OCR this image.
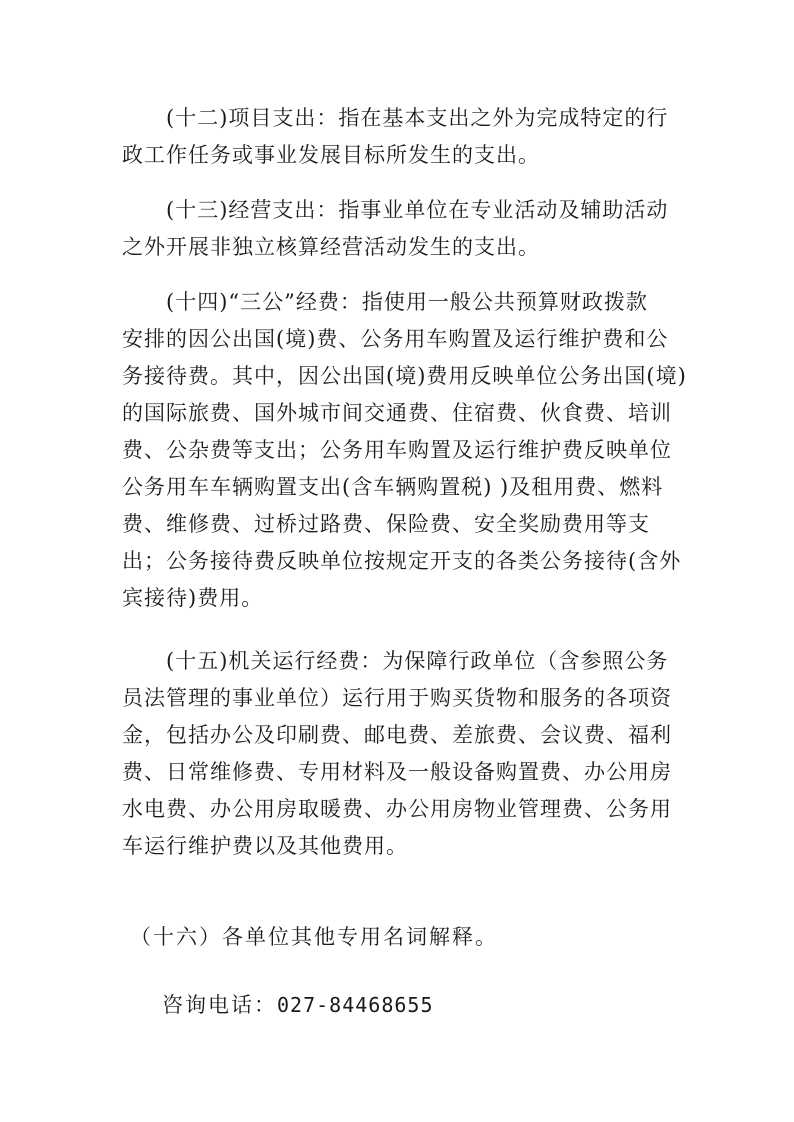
(十二)项目支出：指在基本支出之外为完成特定的行
政工作任务或事业发展目标所发生的支出。
(十三)经营支出：指事业单位在专业活动及辅助活动
之外开展非独立核算经营活动发生的支出。
(十四)“三公”经费：指使用一般公共预算财政拨款
安排的因公出国(境)费、公务用车购置及运行维护费和公
务接待费。其中，因公出国(境)费用反映单位公务出国(境)
的国际旅费、国外城市间交通费、住宿费、伙食费、培训
费、公杂费等支出；公务用车购置及运行维护费反映单位
公务用车车辆购置支出(含车辆购置税) )及租用费、燃料
费、维修费、过桥过路费、保险费、安全奖励费用等支
出；公务接待费反映单位按规定开支的各类公务接待(含外
宾接待)费用。
(十五)机关运行经费：为保障行政单位（含参照公务
员法管理的事业单位）运行用于购买货物和服务的各项资
金，包括办公及印刷费、邮电费、差旅费、会议费、福利
费、日常维修费、专用材料及一般设备购置费、办公用房
水电费、办公用房取暖费、办公用房物业管理费、公务用
车运行维护费以及其他费用。
（十六）各单位其他专用名词解释。
咨询电话：027-84468655
